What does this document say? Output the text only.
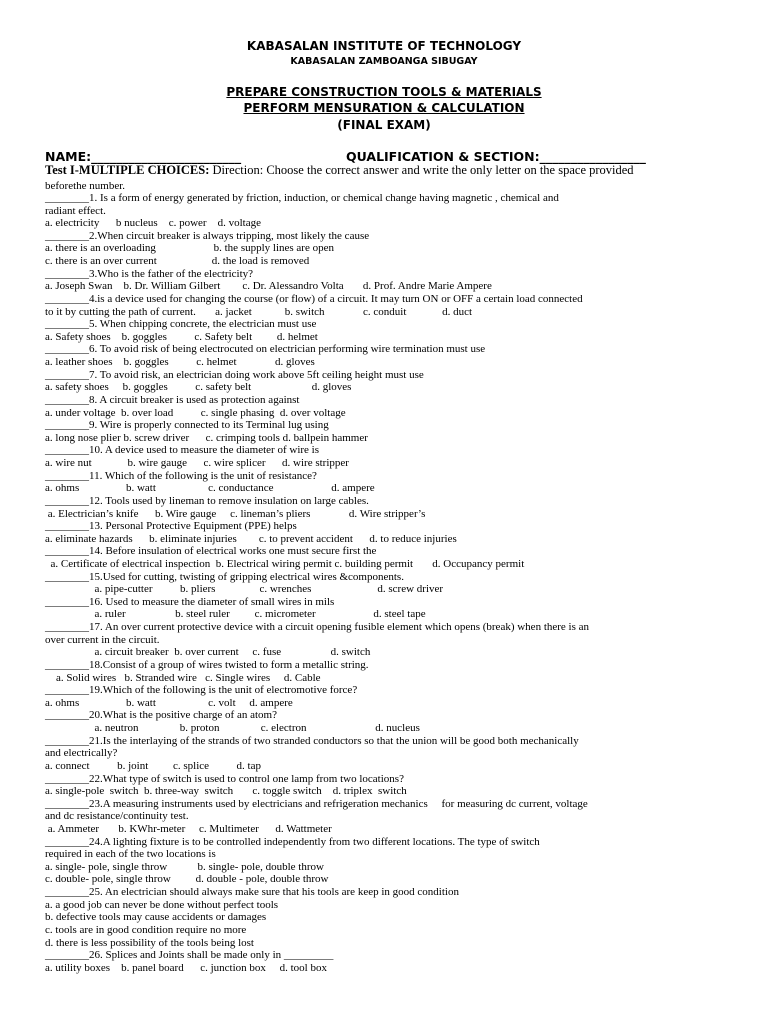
KABASALAN INSTITUTE OF TECHNOLOGY
KABASALAN ZAMBOANGA SIBUGAY
PREPARE CONSTRUCTION TOOLS & MATERIALS
PERFORM MENSURATION & CALCULATION
(FINAL EXAM)
NAME:________________________	QUALIFICATION & SECTION:_________________
Test I-MULTIPLE CHOICES: Direction: Choose the correct answer and write the only letter on the space provided
beforethe number.
________1. Is a form of energy generated by friction, induction, or chemical change having magnetic , chemical and
radiant effect.
a. electricity      b nucleus    c. power    d. voltage
________2.When circuit breaker is always tripping, most likely the cause
a. there is an overloading                     b. the supply lines are open
c. there is an over current                    d. the load is removed
________3.Who is the father of the electricity?
a. Joseph Swan    b. Dr. William Gilbert        c. Dr. Alessandro Volta       d. Prof. Andre Marie Ampere
________4.is a device used for changing the course (or flow) of a circuit. It may turn ON or OFF a certain load connected
to it by cutting the path of current.       a. jacket            b. switch              c. conduit             d. duct
________5. When chipping concrete, the electrician must use
a. Safety shoes    b. goggles          c. Safety belt         d. helmet
________6. To avoid risk of being electrocuted on electrician performing wire termination must use
a. leather shoes    b. goggles          c. helmet              d. gloves
________7. To avoid risk, an electrician doing work above 5ft ceiling height must use
a. safety shoes     b. goggles          c. safety belt                      d. gloves
________8. A circuit breaker is used as protection against
a. under voltage  b. over load          c. single phasing  d. over voltage
________9. Wire is properly connected to its Terminal lug using
a. long nose plier b. screw driver      c. crimping tools d. ballpein hammer
________10. A device used to measure the diameter of wire is
a. wire nut             b. wire gauge      c. wire splicer      d. wire stripper
________11. Which of the following is the unit of resistance?
a. ohms                 b. watt                   c. conductance                     d. ampere
________12. Tools used by lineman to remove insulation on large cables.
a. Electrician’s knife      b. Wire gauge     c. lineman’s pliers              d. Wire stripper’s
________13. Personal Protective Equipment (PPE) helps
a. eliminate hazards      b. eliminate injuries        c. to prevent accident      d. to reduce injuries
________14. Before insulation of electrical works one must secure first the
a. Certificate of electrical inspection  b. Electrical wiring permit c. building permit       d. Occupancy permit
________15.Used for cutting, twisting of gripping electrical wires &components.
a. pipe-cutter          b. pliers                c. wrenches                        d. screw driver
________16. Used to measure the diameter of small wires in mils
a. ruler                  b. steel ruler         c. micrometer                     d. steel tape
________17. An over current protective device with a circuit opening fusible element which opens (break) when there is an
over current in the circuit.
a. circuit breaker  b. over current     c. fuse                  d. switch
________18.Consist of a group of wires twisted to form a metallic string.
a. Solid wires   b. Stranded wire   c. Single wires     d. Cable
________19.Which of the following is the unit of electromotive force?
a. ohms                 b. watt                   c. volt     d. ampere
________20.What is the positive charge of an atom?
a. neutron               b. proton               c. electron                         d. nucleus
________21.Is the interlaying of the strands of two stranded conductors so that the union will be good both mechanically
and electrically?
a. connect          b. joint         c. splice          d. tap
________22.What type of switch is used to control one lamp from two locations?
a. single-pole  switch  b. three-way  switch       c. toggle switch    d. triplex  switch
________23.A measuring instruments used by electricians and refrigeration mechanics     for measuring dc current, voltage
and dc resistance/continuity test.
a. Ammeter       b. KWhr-meter     c. Multimeter      d. Wattmeter
________24.A lighting fixture is to be controlled independently from two different locations. The type of switch
required in each of the two locations is
a. single- pole, single throw           b. single- pole, double throw
c. double- pole, single throw         d. double - pole, double throw
________25. An electrician should always make sure that his tools are keep in good condition
a. a good job can never be done without perfect tools
b. defective tools may cause accidents or damages
c. tools are in good condition require no more
d. there is less possibility of the tools being lost
________26. Splices and Joints shall be made only in _________
a. utility boxes    b. panel board      c. junction box     d. tool box
